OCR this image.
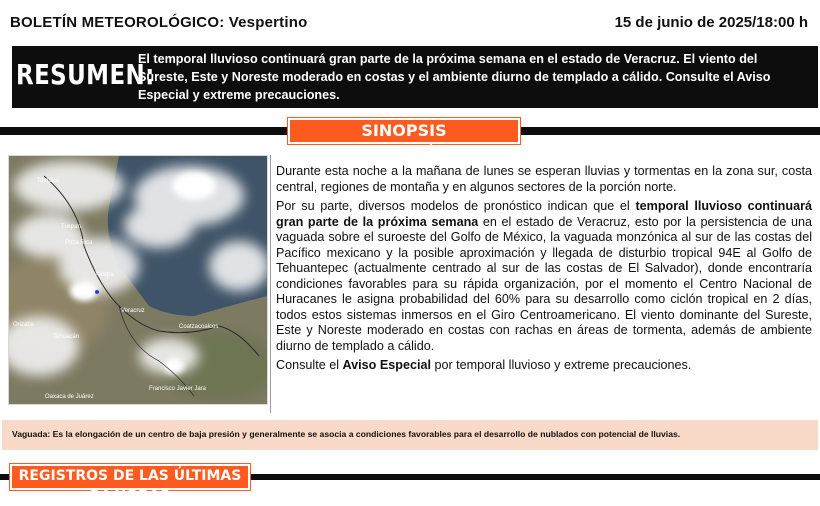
BOLETÍN METEOROLÓGICO: Vespertino	15 de junio de 2025/18:00 h
RESUMEN:
El temporal lluvioso continuará gran parte de la próxima semana en el estado de Veracruz. El viento del Sureste, Este y Noreste moderado en costas y el ambiente diurno de templado a cálido. Consulte el Aviso Especial y extreme precauciones.
SINOPSIS METEOROLÓGICA
Tampico
Tuxpan
Poza Rica
Xalapa
Veracruz
Orizaba
Tehuacán
Coatzacoalcos
Oaxaca de Juárez
Francisco Javier Jara

Durante esta noche a la mañana de lunes se esperan lluvias y tormentas en la zona sur, costa central, regiones de montaña y en algunos sectores de la porción norte.

Por su parte, diversos modelos de pronóstico indican que el temporal lluvioso continuará gran parte de la próxima semana en el estado de Veracruz, esto por la persistencia de una vaguada sobre el suroeste del Golfo de México, la vaguada monzónica al sur de las costas del Pacífico mexicano y la posible aproximación y llegada de disturbio tropical 94E al Golfo de Tehuantepec (actualmente centrado al sur de las costas de El Salvador), donde encontraría condiciones favorables para su rápida organización, por el momento el Centro Nacional de Huracanes le asigna probabilidad del 60% para su desarrollo como ciclón tropical en 2 días, todos estos sistemas inmersos en el Giro Centroamericano. El viento dominante del Sureste, Este y Noreste moderado en costas con rachas en áreas de tormenta, además de ambiente diurno de templado a cálido.

Consulte el Aviso Especial por temporal lluvioso y extreme precauciones.

Vaguada: Es la elongación de un centro de baja presión y generalmente se asocia a condiciones favorables para el desarrollo de nublados con potencial de lluvias.
REGISTROS DE LAS ÚLTIMAS 24 HORAS
